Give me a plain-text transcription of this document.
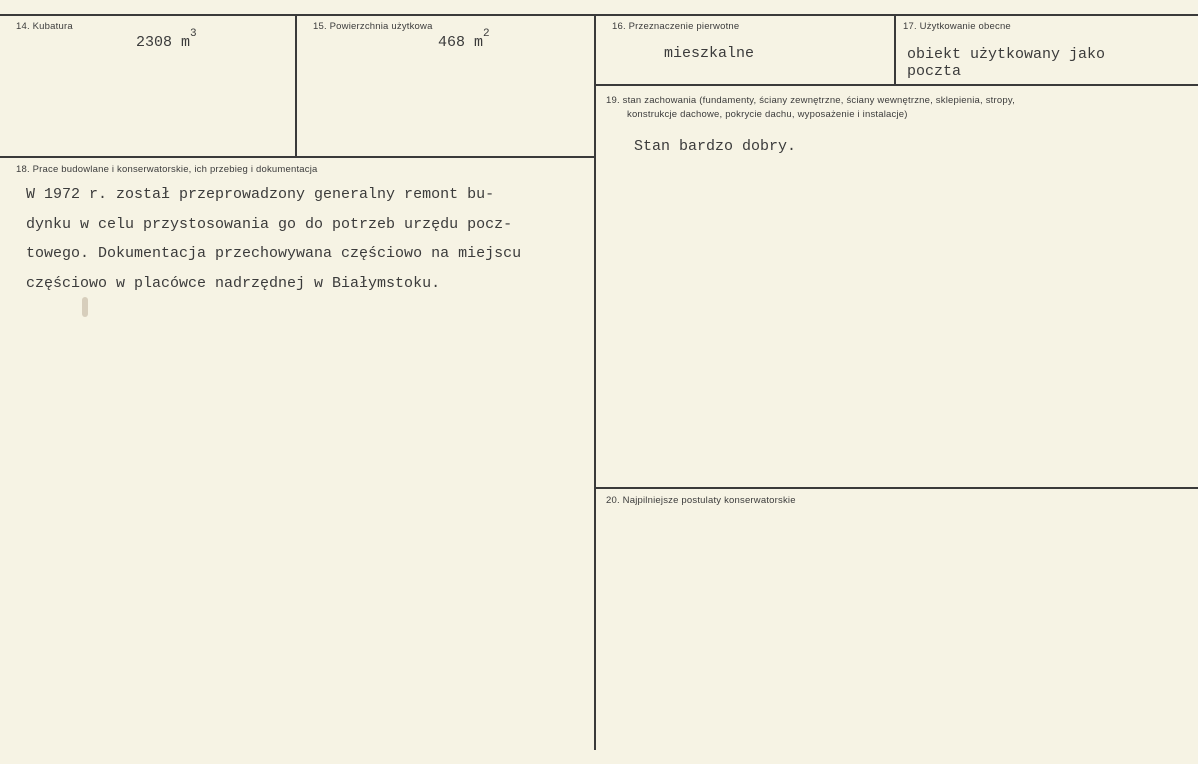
14. Kubatura
2308 $m^3$
15. Powierzchnia użytkowa
468 $m^2$
16. Przeznaczenie pierwotne
mieszkalne
17. Użytkowanie obecne
obiekt użytkowany jako
poczta
18. Prace budowlane i konserwatorskie, ich przebieg i dokumentacja
W 1972 r. został przeprowadzony generalny remont bu-
dynku w celu przystosowania go do potrzeb urzędu pocz-
towego. Dokumentacja przechowywana częściowo na miejscu
częściowo w placówce nadrzędnej w Białymstoku.
19. stan zachowania (fundamenty, ściany zewnętrzne, ściany wewnętrzne, sklepienia, stropy,
konstrukcje dachowe, pokrycie dachu, wyposażenie i instalacje)
Stan bardzo dobry.
20. Najpilniejsze postulaty konserwatorskie
